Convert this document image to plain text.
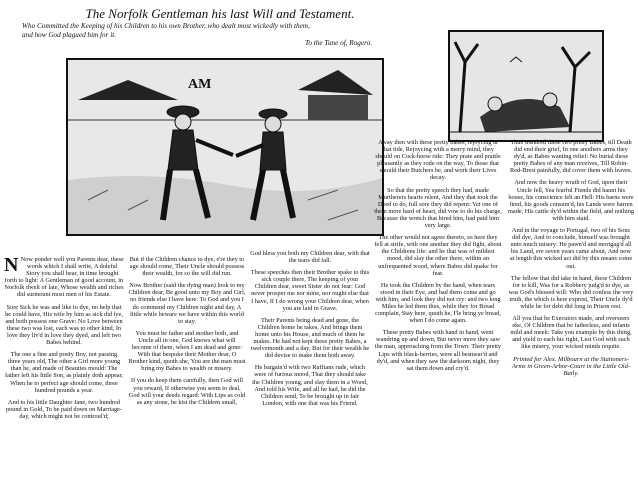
The Norfolk Gentleman his last Will and Testament.
Who Committed the Keeping of his Children to his own Brother, who dealt most wickedly with them,
and how God plagued him for it.
To the Tune of, Rogero.
AM

N Now ponder well you Parents dear, these words which I shall write, A doleful Story you shall hear, in time brought forth to light: A Gentleman of good account, in Norfolk dwelt of late, Whose wealth and riches did surmount most men of his Estate.

Sore Sick he was and like to dye, no help that he could have, His wife by him as sick did lye, and both possest one Grave: No Love between these two was lost, each was to other kind, In love they liv'd in love they dyed, and left two Babes behind.

The one a fine and pretty Boy, not passing three years old, The other a Girl more young than he, and made of Beauties mould: The father left his little Son, as plainly doth appear, When he to perfect age should come, three hundred pounds a year.

And to his little Daughter Jane, two hundred pound in Gold, To be paid down on Marriage-day, which might not be controul'd;

But if the Children chance to dye, e're they to age should come, Their Uncle should possess their wealth, for so the will did run.

Now Brother (said the dying man) look to my Children dear, Be good unto my Boy and Girl, no friends else I have here: To God and you I do commend my Children night and day, A little while beware we have within this world to stay.

You must be father and mother both, and Uncle all in one, God knows what will become of them, when I am dead and gone: With that bespoke their Mother dear, O Brother kind, quoth she, You are the man must bring my Babes to wealth or misery.

If you do keep them carefully, then God will you reward, If otherwise you seem to deal, God will your deeds regard: With Lips as cold as any stone, he kist the Children small,

God bless you both my Children dear, with that the tears did fall.

These speeches then their Brother spake to this sick couple there, The keeping of your Children dear, sweet Sister do not fear: God never prosper me nor mine, nor ought else that I have, If I do wrong your Children dear, when you are laid in Grave.

Their Parents being dead and gone, the Children home he takes, And brings them home unto his House, and much of them he makes. He had not kept these pretty Babes, a twelvemonth and a day, But for their wealth he did devise to make them both away.

He bargain'd with two Ruffians rude, which were of furious mood, That they should take the Children young, and slay them in a Wood, And told his Wife, and all he had, he did the Children send, To be brought up in fair London, with one that was his Friend.

Away then with these pretty babes, rejoycing at that tide, Rejoycing with a merry mind, they should on Cock-horse ride: They prate and prattle pleasantly as they rode on the way, To those that should their Butchers be, and work their Lives decay.

So that the pretty speech they had, made Murtherers hearts relent, And they that took the Deed to do, full sore they did repent: Yet one of them more hard of heart, did vow to do his charge, Because the wretch that hired him, had paid him very large.

The other would not agree thereto, so here they fell at strife, with one another they did fight, about the Childrens life: and he that was of mildest mood, did slay the other there, within an unfrequented wood, where Babes did quake for fear.

He took the Children by the hand, when tears stood in their Eye, and bad them come and go with him, and look they did not cry: and two long Miles he led them thus, while they for Bread complain, Stay here, quoth he, I'le bring ye bread, when I do come again.

These pretty Babes with hand in hand, went wandring up and down, But never more they saw the man, approaching from the Town: Their pretty Lips with black-berries, were all besmear'd and dy'd, and when they saw the darksom night, they sat them down and cry'd.

Thus wandred these two pretty Babes, till Death did end their grief, In one anothers arms they dy'd, as Babes wanting relief: No burial these pretty Babes of any man receives, Till Robin-Red-Brest painfully, did cover them with leaves.

And now the heavy wrath of God, upon their Uncle fell, Yea fearful Fiends did haunt his house, his conscience felt an Hell: His barns were fired, his goods consum'd, his Lands were barren made, His cattle dy'd within the field, and nothing with him staid.

And in the voyage to Portugal, two of his Sons did dye, And to conclude, himself was brought unto much misery: He pawn'd and mortgag'd all his Land, ere seven years came about, And now at length this wicked act did by this means come out.

The fellow that did take in hand, these Children for to kill, Was for a Robbery judg'd to dye, as was God's blessed will: Who did confess the very truth, the which is here exprest, Their Uncle dy'd while he for debt did long in Prison rest.

All you that be Executors made, and overseers eke, Of Children that be fatherless, and infants mild and meek: Take you example by this thing, and yield to each his right, Lest God with such like misery, your wicked minds requite.

Printed for Alex. Milbourn at the Stationers-Arms in Green-Arbor-Court in the Little Old-Baily.
